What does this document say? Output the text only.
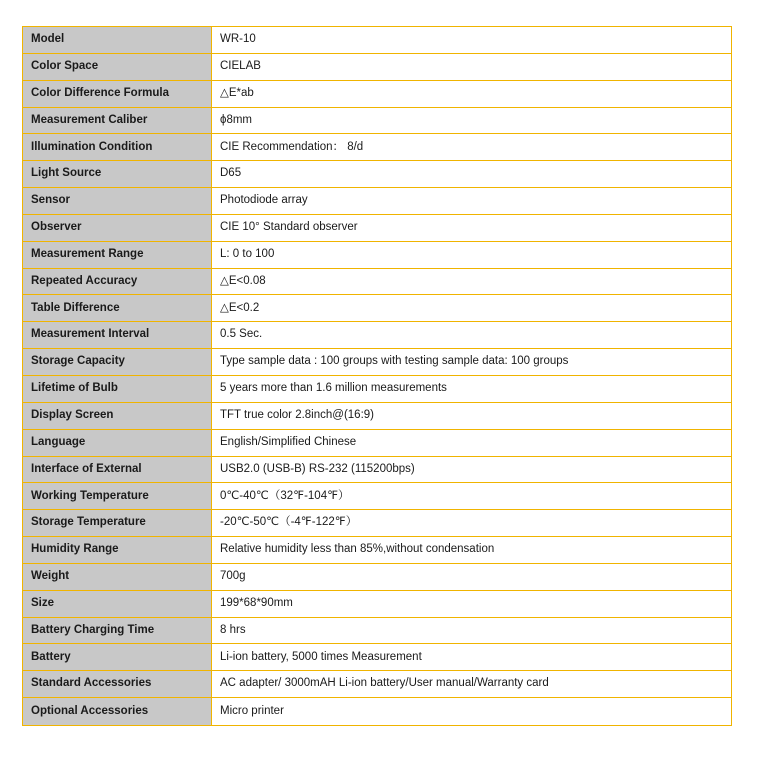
Model	WR-10
Color Space	CIELAB
Color Difference Formula	△E*ab
Measurement Caliber	ϕ8mm
Illumination Condition	CIE Recommendation： 8/d
Light Source	D65
Sensor	Photodiode array
Observer	CIE 10° Standard observer
Measurement Range	L: 0 to 100
Repeated Accuracy	△E<0.08
Table Difference	△E<0.2
Measurement Interval	0.5 Sec.
Storage Capacity	Type sample data : 100 groups with testing sample data: 100 groups
Lifetime of Bulb	5 years more than 1.6 million measurements
Display Screen	TFT true color 2.8inch@(16:9)
Language	English/Simplified Chinese
Interface of External	USB2.0 (USB-B) RS-232 (115200bps)
Working Temperature	0℃-40℃（32℉-104℉）
Storage Temperature	-20℃-50℃（-4℉-122℉）
Humidity Range	Relative humidity less than 85%,without condensation
Weight	700g
Size	199*68*90mm
Battery Charging Time	8 hrs
Battery	Li-ion battery, 5000 times Measurement
Standard Accessories	AC adapter/ 3000mAH Li-ion battery/User manual/Warranty card
Optional Accessories	Micro printer
